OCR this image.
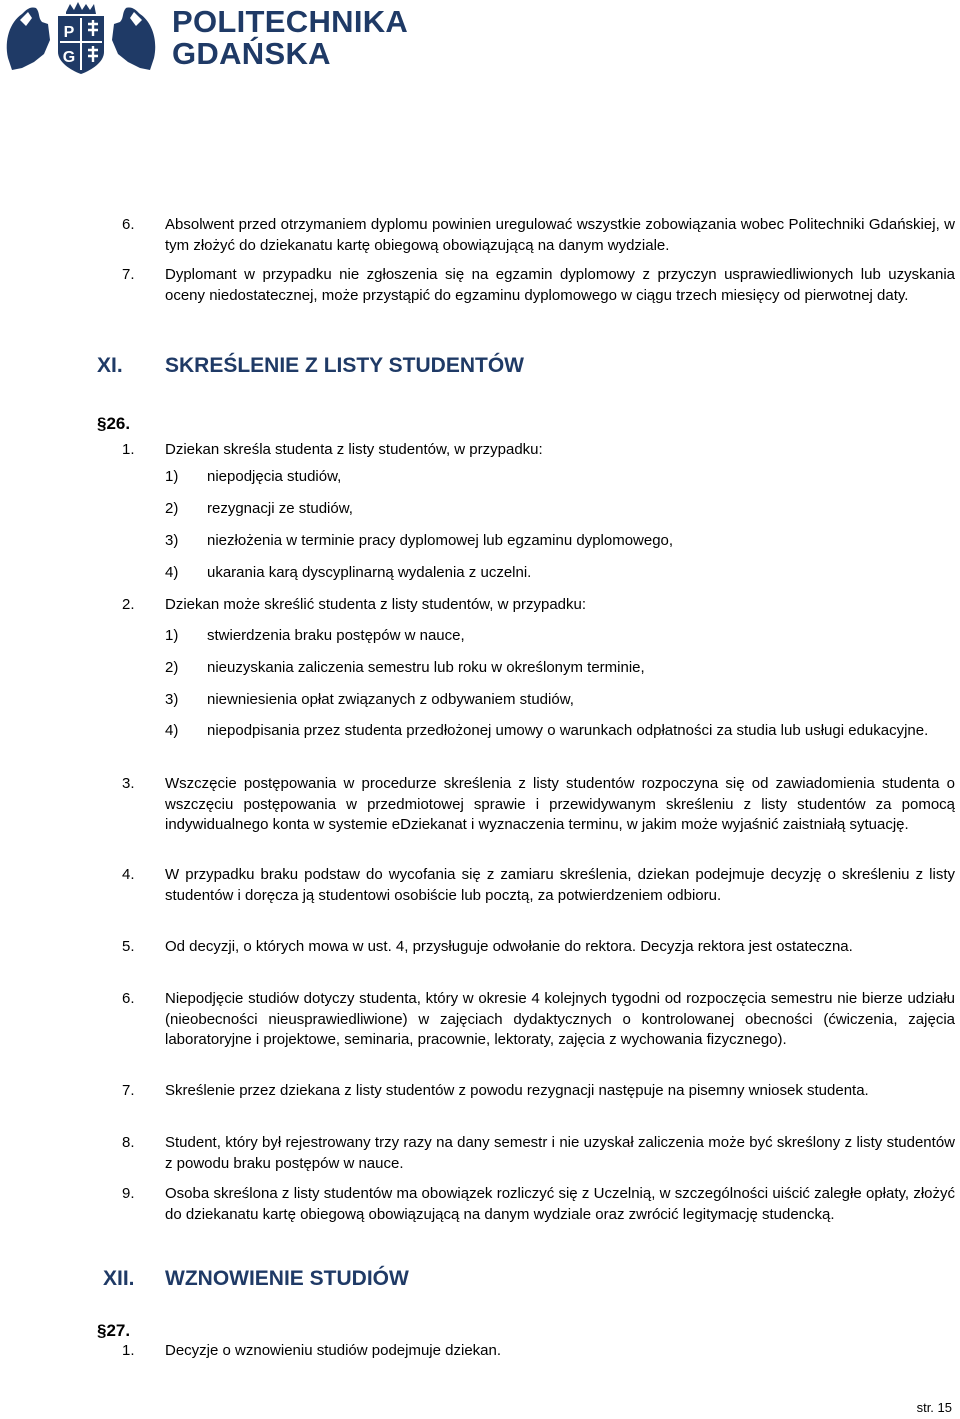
P
G
POLITECHNIKA
GDAŃSKA
6. Absolwent przed otrzymaniem dyplomu powinien uregulować wszystkie zobowiązania wobec Politechniki Gdańskiej, w tym złożyć do dziekanatu kartę obiegową obowiązującą na danym wydziale.
7. Dyplomant w przypadku nie zgłoszenia się na egzamin dyplomowy z przyczyn usprawiedliwionych lub uzyskania oceny niedostatecznej, może przystąpić do egzaminu dyplomowego w ciągu trzech miesięcy od pierwotnej daty.
XI. SKREŚLENIE Z LISTY STUDENTÓW
§26.
1. Dziekan skreśla studenta z listy studentów, w przypadku:
1) niepodjęcia studiów,
2) rezygnacji ze studiów,
3) niezłożenia w terminie pracy dyplomowej lub egzaminu dyplomowego,
4) ukarania karą dyscyplinarną wydalenia z uczelni.
2. Dziekan może skreślić studenta z listy studentów, w przypadku:
1) stwierdzenia braku postępów w nauce,
2) nieuzyskania zaliczenia semestru lub roku w określonym terminie,
3) niewniesienia opłat związanych z odbywaniem studiów,
4) niepodpisania przez studenta przedłożonej umowy o warunkach odpłatności za studia lub usługi edukacyjne.
3. Wszczęcie postępowania w procedurze skreślenia z listy studentów rozpoczyna się od zawiadomienia studenta o wszczęciu postępowania w przedmiotowej sprawie i przewidywanym skreśleniu z listy studentów za pomocą indywidualnego konta w systemie eDziekanat i wyznaczenia terminu, w jakim może wyjaśnić zaistniałą sytuację.
4. W przypadku braku podstaw do wycofania się z zamiaru skreślenia, dziekan podejmuje decyzję o skreśleniu z listy studentów i doręcza ją studentowi osobiście lub pocztą, za potwierdzeniem odbioru.
5. Od decyzji, o których mowa w ust. 4, przysługuje odwołanie do rektora. Decyzja rektora jest ostateczna.
6. Niepodjęcie studiów dotyczy studenta, który w okresie 4 kolejnych tygodni od rozpoczęcia semestru nie bierze udziału (nieobecności nieusprawiedliwione) w zajęciach dydaktycznych o kontrolowanej obecności (ćwiczenia, zajęcia laboratoryjne i projektowe, seminaria, pracownie, lektoraty, zajęcia z wychowania fizycznego).
7. Skreślenie przez dziekana z listy studentów z powodu rezygnacji następuje na pisemny wniosek studenta.
8. Student, który był rejestrowany trzy razy na dany semestr i nie uzyskał zaliczenia może być skreślony z listy studentów z powodu braku postępów w nauce.
9. Osoba skreślona z listy studentów ma obowiązek rozliczyć się z Uczelnią, w szczególności uiścić zaległe opłaty, złożyć do dziekanatu kartę obiegową obowiązującą na danym wydziale oraz zwrócić legitymację studencką.
XII. WZNOWIENIE STUDIÓW
§27.
1. Decyzje o wznowieniu studiów podejmuje dziekan.
str. 15
